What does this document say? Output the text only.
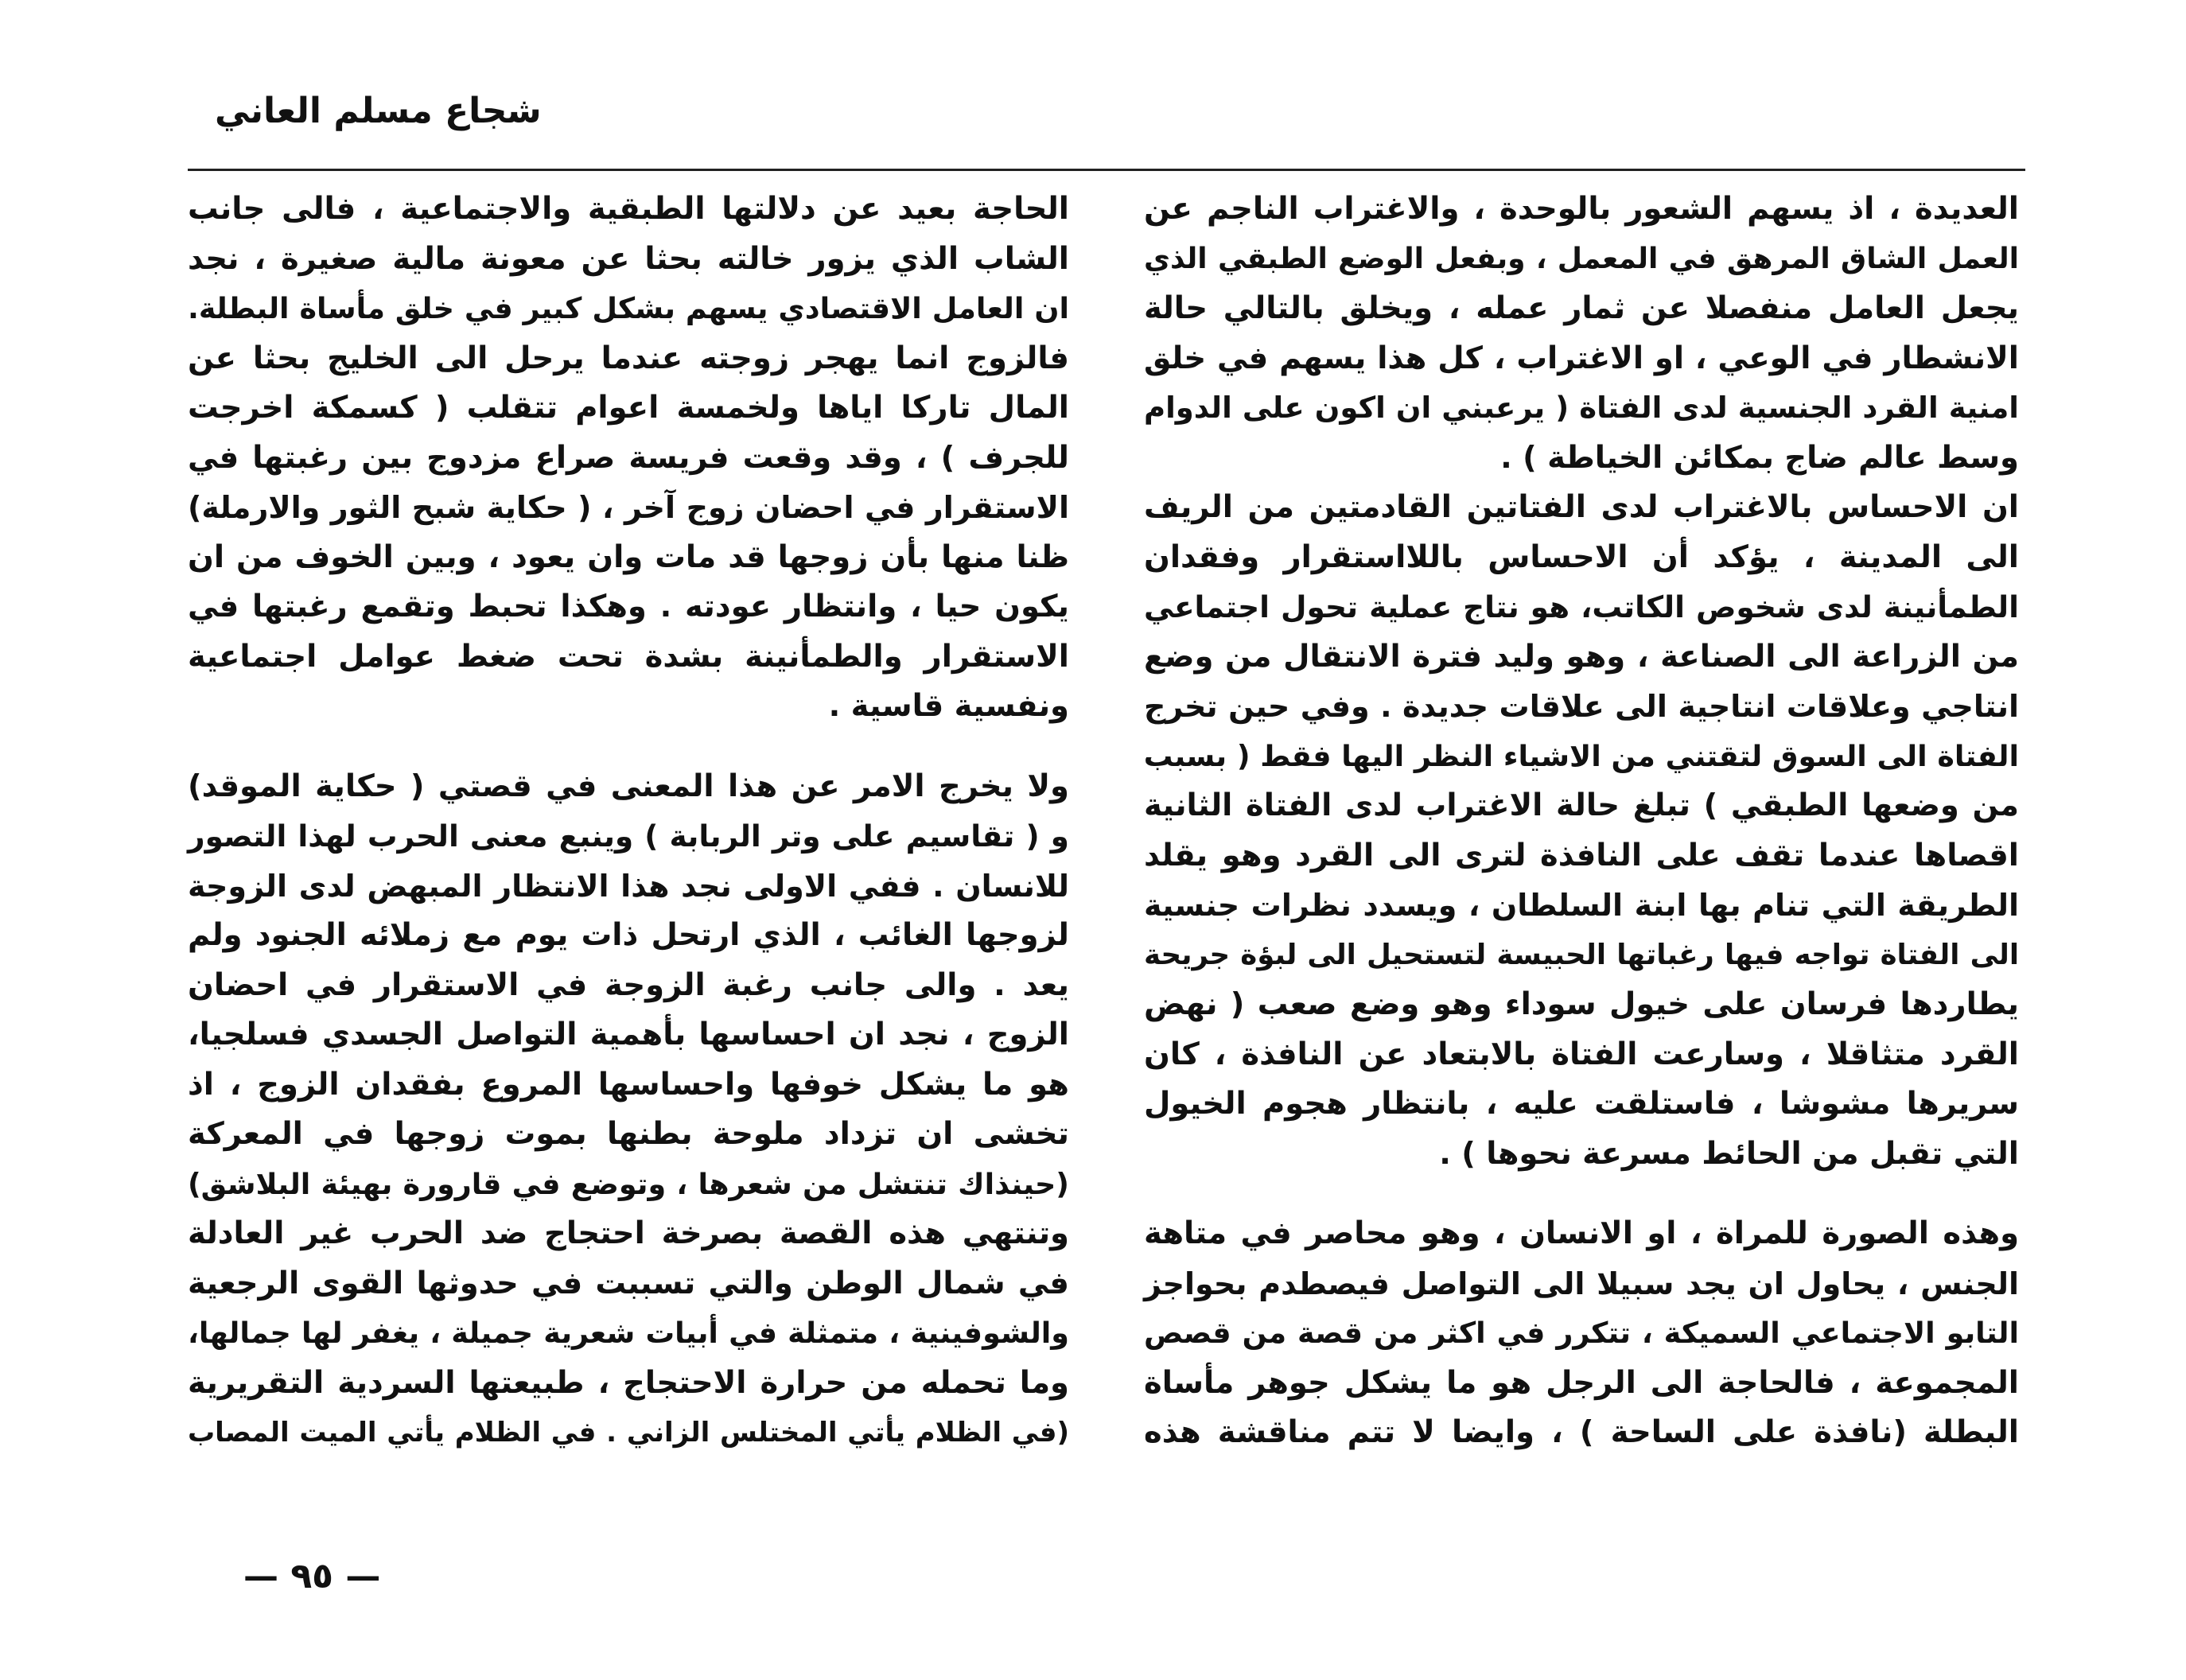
شجاع مسلم العاني
العديدة ، اذ يسهم الشعور بالوحدة ، والاغتراب الناجم عن
العمل الشاق المرهق في المعمل ، وبفعل الوضع الطبقي الذي
يجعل العامل منفصلا عن ثمار عمله ، ويخلق بالتالي حالة
الانشطار في الوعي ، او الاغتراب ، كل هذا يسهم في خلق
امنية القرد الجنسية لدى الفتاة ( يرعبني ان اكون على الدوام
وسط عالم ضاج بمكائن الخياطة ) .
ان الاحساس بالاغتراب لدى الفتاتين القادمتين من الريف
الى المدينة ، يؤكد أن الاحساس باللااستقرار وفقدان
الطمأنينة لدى شخوص الكاتب، هو نتاج عملية تحول اجتماعي
من الزراعة الى الصناعة ، وهو وليد فترة الانتقال من وضع
انتاجي وعلاقات انتاجية الى علاقات جديدة . وفي حين تخرج
الفتاة الى السوق لتقتني من الاشياء النظر اليها فقط ( بسبب
من وضعها الطبقي ) تبلغ حالة الاغتراب لدى الفتاة الثانية
اقصاها عندما تقف على النافذة لترى الى القرد وهو يقلد
الطريقة التي تنام بها ابنة السلطان ، ويسدد نظرات جنسية
الى الفتاة تواجه فيها رغباتها الحبيسة لتستحيل الى لبؤة جريحة
يطاردها فرسان على خيول سوداء وهو وضع صعب ( نهض
القرد متثاقلا ، وسارعت الفتاة بالابتعاد عن النافذة ، كان
سريرها مشوشا ، فاستلقت عليه ، بانتظار هجوم الخيول
التي تقبل من الحائط مسرعة نحوها ) .
وهذه الصورة للمراة ، او الانسان ، وهو محاصر في متاهة
الجنس ، يحاول ان يجد سبيلا الى التواصل فيصطدم بحواجز
التابو الاجتماعي السميكة ، تتكرر في اكثر من قصة من قصص
المجموعة ، فالحاجة الى الرجل هو ما يشكل جوهر مأساة
البطلة (نافذة على الساحة ) ، وايضا لا تتم مناقشة هذه
الحاجة بعيد عن دلالتها الطبقية والاجتماعية ، فالى جانب
الشاب الذي يزور خالته بحثا عن معونة مالية صغيرة ، نجد
ان العامل الاقتصادي يسهم بشكل كبير في خلق مأساة البطلة.
فالزوج انما يهجر زوجته عندما يرحل الى الخليج بحثا عن
المال تاركا اياها ولخمسة اعوام تتقلب ( كسمكة اخرجت
للجرف ) ، وقد وقعت فريسة صراع مزدوج بين رغبتها في
الاستقرار في احضان زوج آخر ، ( حكاية شبح الثور والارملة)
ظنا منها بأن زوجها قد مات وان يعود ، وبين الخوف من ان
يكون حيا ، وانتظار عودته . وهكذا تحبط وتقمع رغبتها في
الاستقرار والطمأنينة بشدة تحت ضغط عوامل اجتماعية
ونفسية قاسية .
ولا يخرج الامر عن هذا المعنى في قصتي ( حكاية الموقد)
و ( تقاسيم على وتر الربابة ) وينبع معنى الحرب لهذا التصور
للانسان . ففي الاولى نجد هذا الانتظار المبهض لدى الزوجة
لزوجها الغائب ، الذي ارتحل ذات يوم مع زملائه الجنود ولم
يعد . والى جانب رغبة الزوجة في الاستقرار في احضان
الزوج ، نجد ان احساسها بأهمية التواصل الجسدي فسلجيا،
هو ما يشكل خوفها واحساسها المروع بفقدان الزوج ، اذ
تخشى ان تزداد ملوحة بطنها بموت زوجها في المعركة
(حينذاك تنتشل من شعرها ، وتوضع في قارورة بهيئة البلاشق)
وتنتهي هذه القصة بصرخة احتجاج ضد الحرب غير العادلة
في شمال الوطن والتي تسببت في حدوثها القوى الرجعية
والشوفينية ، متمثلة في أبيات شعرية جميلة ، يغفر لها جمالها،
وما تحمله من حرارة الاحتجاج ، طبيعتها السردية التقريرية
(في الظلام يأتي المختلس الزاني . في الظلام يأتي الميت المصاب
— ٩٥ —
